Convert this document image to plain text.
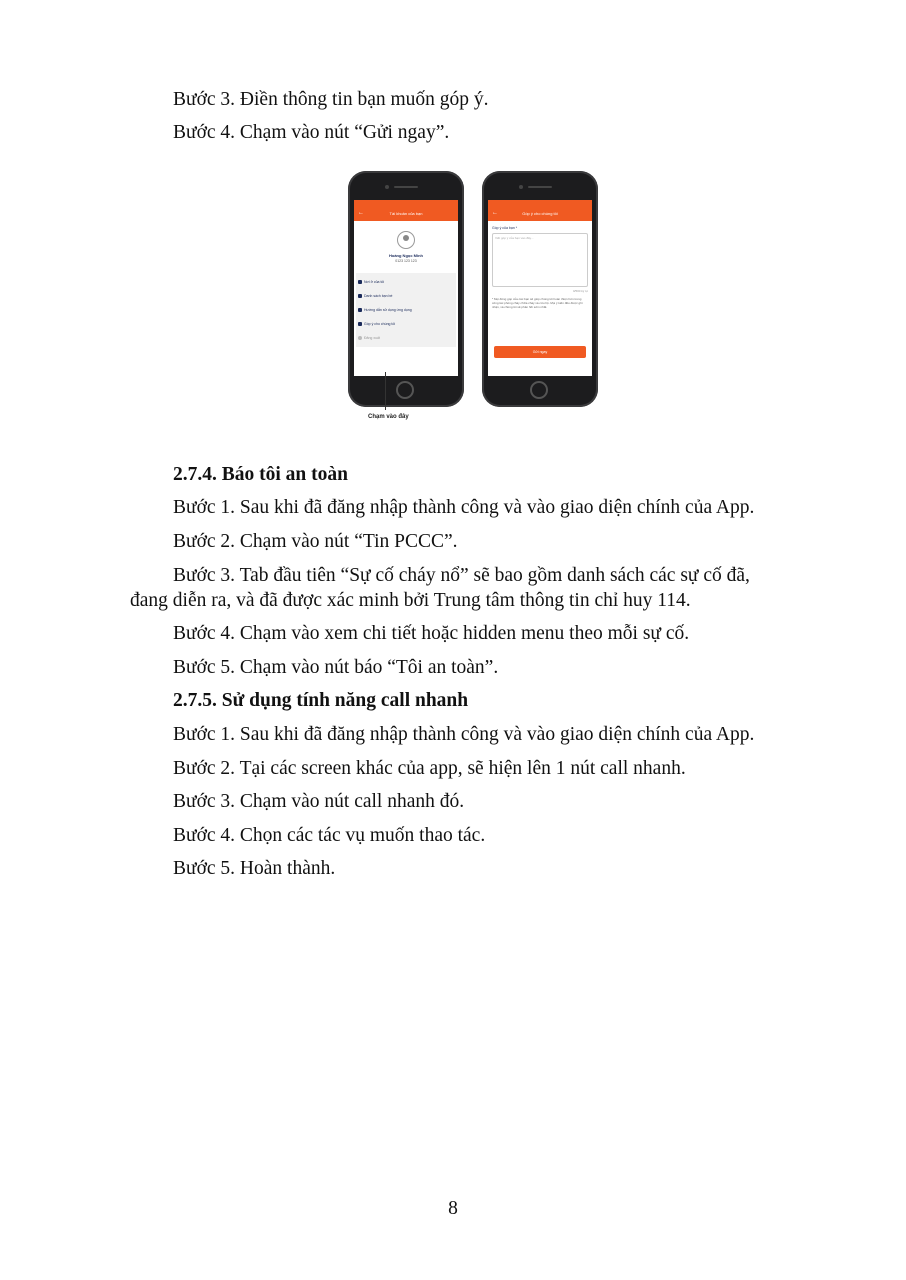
Bước 3. Điền thông tin bạn muốn góp ý.
Bước 4. Chạm vào nút “Gửi ngay”.
←	Tài khoản của bạn
Hoàng Ngọc Minh
0123 123 123
Nơi ở của tôi
Danh sách bạn bè
Hướng dẫn sử dụng ứng dụng
Góp ý cho chúng tôi
Đăng xuất
←	Góp ý cho chúng tôi
Góp ý của bạn *
Viết góp ý của bạn vào đây...
0/500 ký tự
* Mọi đóng góp của các bạn sẽ giúp chúng tôi hoàn thiện hơn trong công tác phòng cháy chữa cháy và cứu hộ. Mọi ý kiến đều được ghi nhận, và chúng tôi sẽ phản hồi sớm nhất.
Gửi ngay
Chạm vào đây
2.7.4. Báo tôi an toàn
Bước 1. Sau khi đã đăng nhập thành công và vào giao diện chính của App.
Bước 2. Chạm vào nút “Tin PCCC”.
Bước 3. Tab đầu tiên “Sự cố cháy nổ” sẽ bao gồm danh sách các sự cố đã,
đang diễn ra, và đã được xác minh bởi Trung tâm thông tin chỉ huy 114.
Bước 4. Chạm vào xem chi tiết hoặc hidden menu theo mỗi sự cố.
Bước 5. Chạm vào nút báo “Tôi an toàn”.
2.7.5. Sử dụng tính năng call nhanh
Bước 1. Sau khi đã đăng nhập thành công và vào giao diện chính của App.
Bước 2. Tại các screen khác của app, sẽ hiện lên 1 nút call nhanh.
Bước 3. Chạm vào nút call nhanh đó.
Bước 4. Chọn các tác vụ muốn thao tác.
Bước 5. Hoàn thành.
8
